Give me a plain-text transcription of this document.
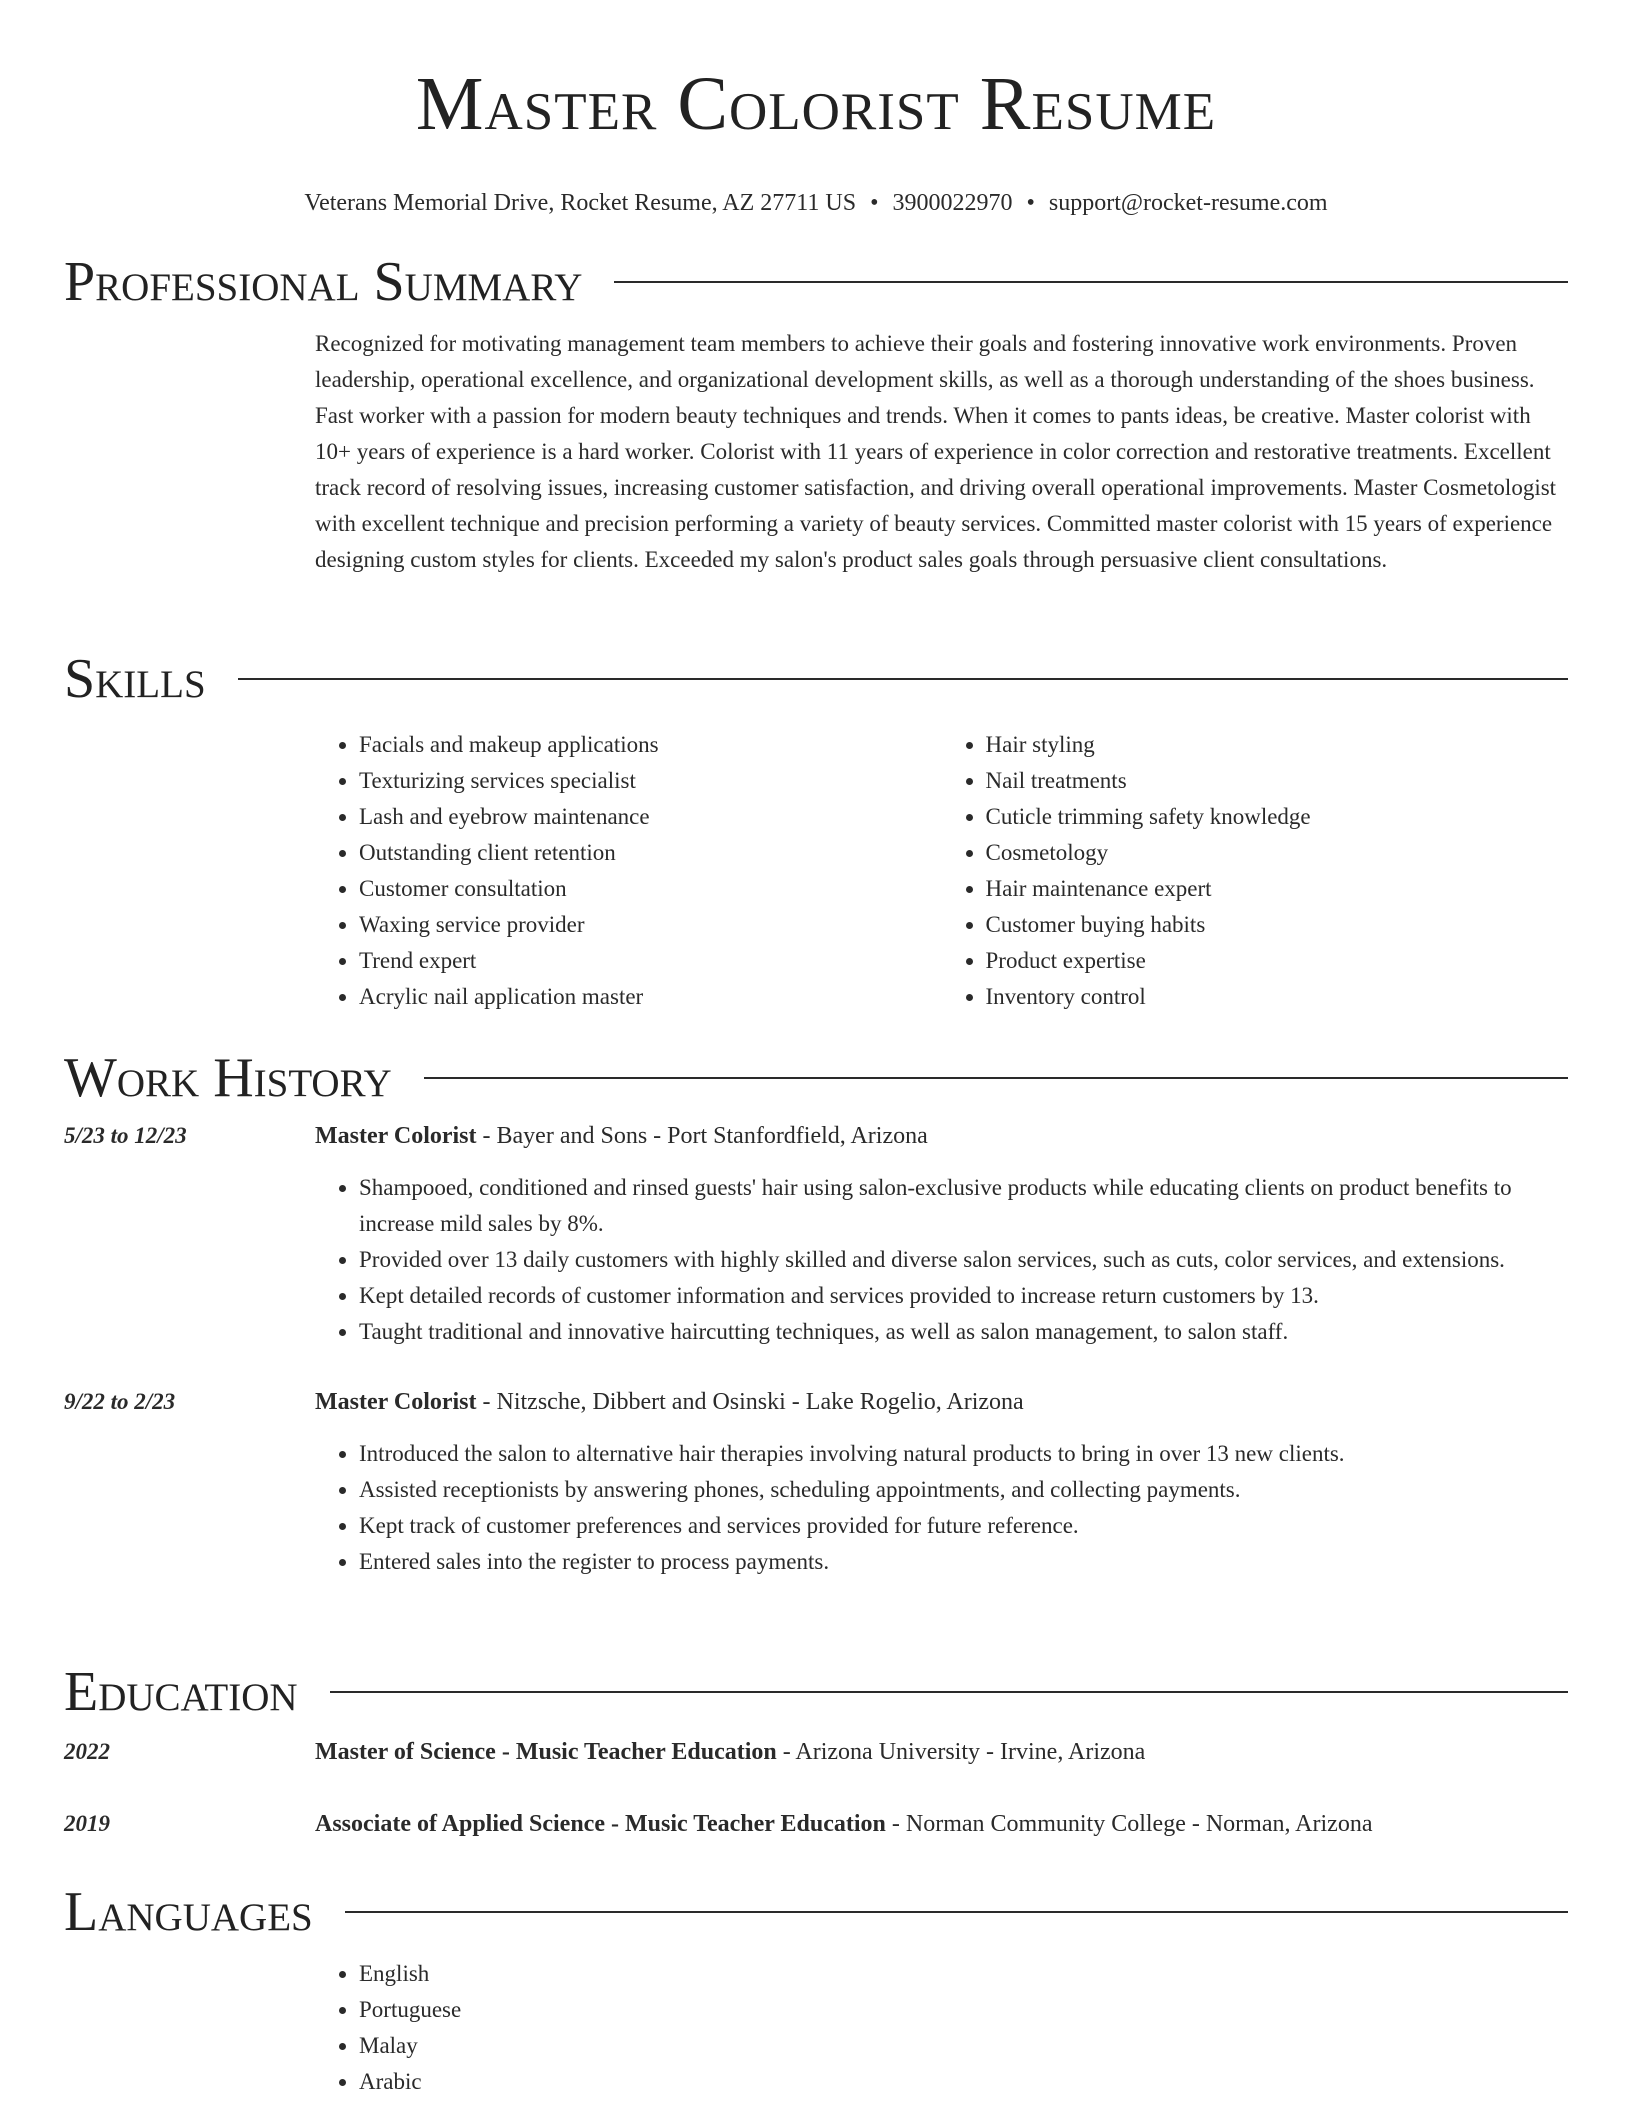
Master Colorist Resume
Veterans Memorial Drive, Rocket Resume, AZ 27711 US • 3900022970 • support@rocket-resume.com
Professional Summary
Recognized for motivating management team members to achieve their goals and fostering innovative work environments. Proven leadership, operational excellence, and organizational development skills, as well as a thorough understanding of the shoes business. Fast worker with a passion for modern beauty techniques and trends. When it comes to pants ideas, be creative. Master colorist with 10+ years of experience is a hard worker. Colorist with 11 years of experience in color correction and restorative treatments. Excellent track record of resolving issues, increasing customer satisfaction, and driving overall operational improvements. Master Cosmetologist with excellent technique and precision performing a variety of beauty services. Committed master colorist with 15 years of experience designing custom styles for clients. Exceeded my salon's product sales goals through persuasive client consultations.
Skills
• Facials and makeup applications
• Texturizing services specialist
• Lash and eyebrow maintenance
• Outstanding client retention
• Customer consultation
• Waxing service provider
• Trend expert
• Acrylic nail application master
• Hair styling
• Nail treatments
• Cuticle trimming safety knowledge
• Cosmetology
• Hair maintenance expert
• Customer buying habits
• Product expertise
• Inventory control
Work History
5/23 to 12/23	Master Colorist - Bayer and Sons - Port Stanfordfield, Arizona
• Shampooed, conditioned and rinsed guests' hair using salon-exclusive products while educating clients on product benefits to increase mild sales by 8%.
• Provided over 13 daily customers with highly skilled and diverse salon services, such as cuts, color services, and extensions.
• Kept detailed records of customer information and services provided to increase return customers by 13.
• Taught traditional and innovative haircutting techniques, as well as salon management, to salon staff.
9/22 to 2/23	Master Colorist - Nitzsche, Dibbert and Osinski - Lake Rogelio, Arizona
• Introduced the salon to alternative hair therapies involving natural products to bring in over 13 new clients.
• Assisted receptionists by answering phones, scheduling appointments, and collecting payments.
• Kept track of customer preferences and services provided for future reference.
• Entered sales into the register to process payments.
Education
2022	Master of Science - Music Teacher Education - Arizona University - Irvine, Arizona
2019	Associate of Applied Science - Music Teacher Education - Norman Community College - Norman, Arizona
Languages
• English
• Portuguese
• Malay
• Arabic
